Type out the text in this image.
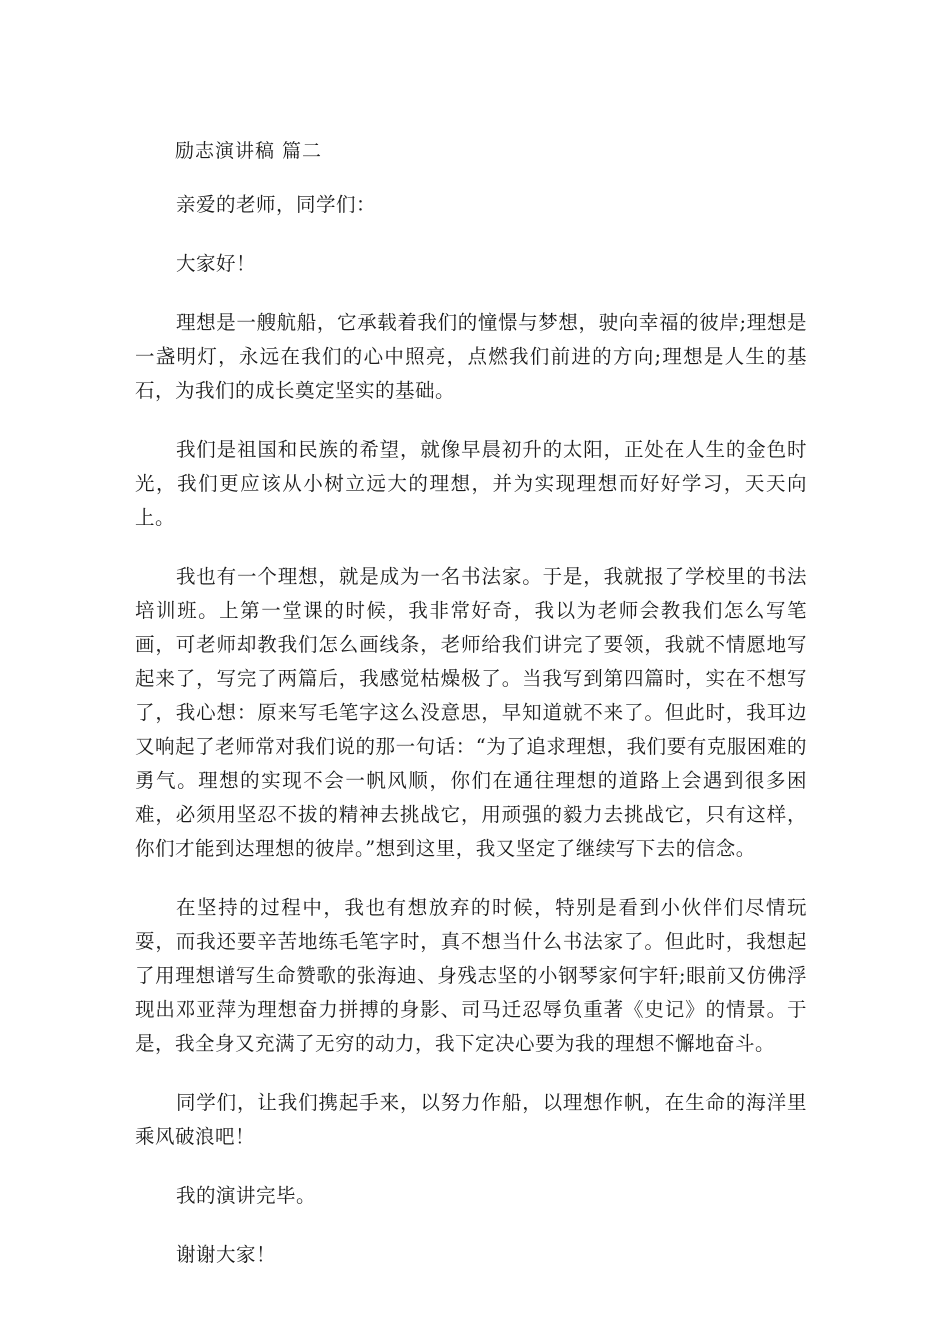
励志演讲稿 篇二

亲爱的老师，同学们：

大家好！

理想是一艘航船，它承载着我们的憧憬与梦想，驶向幸福的彼岸;理想是一盏明灯，永远在我们的心中照亮，点燃我们前进的方向;理想是人生的基石，为我们的成长奠定坚实的基础。

我们是祖国和民族的希望，就像早晨初升的太阳，正处在人生的金色时光，我们更应该从小树立远大的理想，并为实现理想而好好学习，天天向上。

我也有一个理想，就是成为一名书法家。于是，我就报了学校里的书法培训班。上第一堂课的时候，我非常好奇，我以为老师会教我们怎么写笔画，可老师却教我们怎么画线条，老师给我们讲完了要领，我就不情愿地写起来了，写完了两篇后，我感觉枯燥极了。当我写到第四篇时，实在不想写了，我心想：原来写毛笔字这么没意思，早知道就不来了。但此时，我耳边又响起了老师常对我们说的那一句话：“为了追求理想，我们要有克服困难的勇气。理想的实现不会一帆风顺，你们在通往理想的道路上会遇到很多困难，必须用坚忍不拔的精神去挑战它，用顽强的毅力去挑战它，只有这样，你们才能到达理想的彼岸。”想到这里，我又坚定了继续写下去的信念。

在坚持的过程中，我也有想放弃的时候，特别是看到小伙伴们尽情玩耍，而我还要辛苦地练毛笔字时，真不想当什么书法家了。但此时，我想起了用理想谱写生命赞歌的张海迪、身残志坚的小钢琴家何宇轩;眼前又仿佛浮现出邓亚萍为理想奋力拼搏的身影、司马迁忍辱负重著《史记》的情景。于是，我全身又充满了无穷的动力，我下定决心要为我的理想不懈地奋斗。

同学们，让我们携起手来，以努力作船，以理想作帆，在生命的海洋里乘风破浪吧！

我的演讲完毕。

谢谢大家！
